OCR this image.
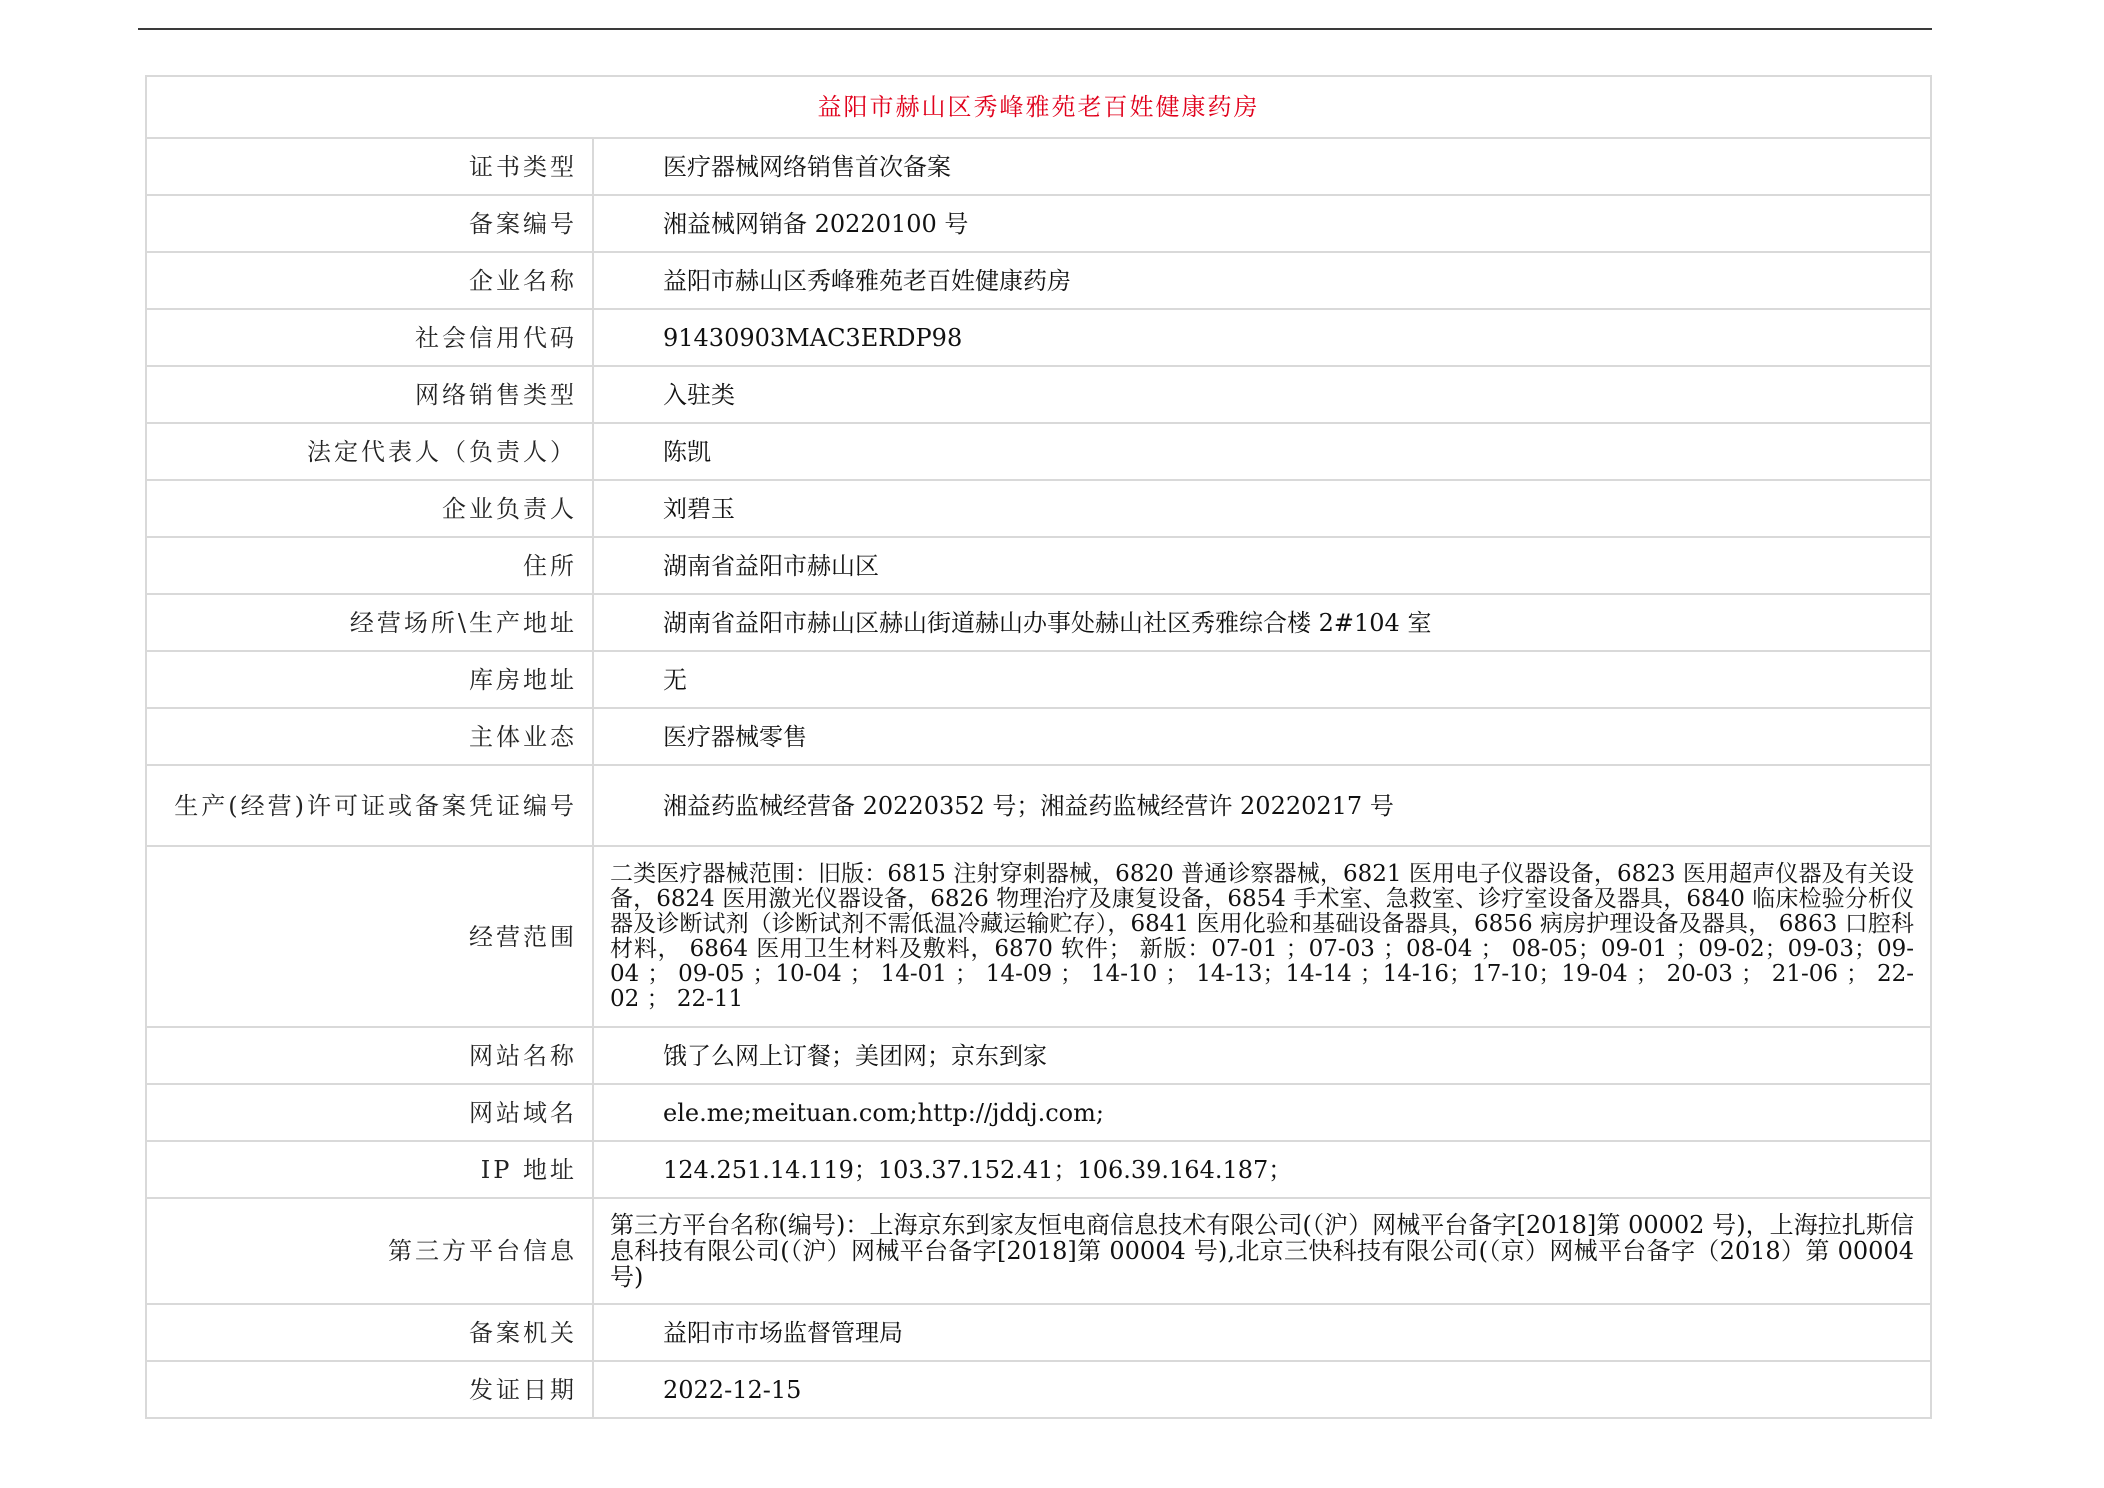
益阳市赫山区秀峰雅苑老百姓健康药房	
证书类型	医疗器械网络销售首次备案
备案编号	湘益械网销备 20220100 号
企业名称	益阳市赫山区秀峰雅苑老百姓健康药房
社会信用代码	91430903MAC3ERDP98
网络销售类型	入驻类
法定代表人（负责人）	陈凯
企业负责人	刘碧玉
住所	湖南省益阳市赫山区
经营场所\生产地址	湖南省益阳市赫山区赫山街道赫山办事处赫山社区秀雅综合楼 2#104 室
库房地址	无
主体业态	医疗器械零售
生产(经营)许可证或备案凭证编号	湘益药监械经营备 20220352 号；湘益药监械经营许 20220217 号
经营范围	二类医疗器械范围：旧版：6815 注射穿刺器械，6820 普通诊察器械，6821 医用电子仪器设备，6823 医用超声仪器及有关设备，6824 医用激光仪器设备，6826 物理治疗及康复设备，6854 手术室、急救室、诊疗室设备及器具，6840 临床检验分析仪器及诊断试剂（诊断试剂不需低温冷藏运输贮存），6841 医用化验和基础设备器具，6856 病房护理设备及器具， 6863 口腔科材料， 6864 医用卫生材料及敷料，6870 软件； 新版：07-01 ；07-03 ；08-04 ； 08-05；09-01 ；09-02；09-03；09-04 ； 09-05 ；10-04 ； 14-01 ； 14-09 ； 14-10 ； 14-13；14-14 ；14-16；17-10；19-04 ； 20-03 ； 21-06 ； 22-02 ； 22-11
网站名称	饿了么网上订餐；美团网；京东到家
网站域名	ele.me;meituan.com;http://jddj.com;
IP 地址	124.251.14.119；103.37.152.41；106.39.164.187；
第三方平台信息	第三方平台名称(编号)：上海京东到家友恒电商信息技术有限公司(（沪）网械平台备字[2018]第 00002 号)，上海拉扎斯信息科技有限公司(（沪）网械平台备字[2018]第 00004 号),北京三快科技有限公司(（京）网械平台备字（2018）第 00004 号)
备案机关	益阳市市场监督管理局
发证日期	2022-12-15
